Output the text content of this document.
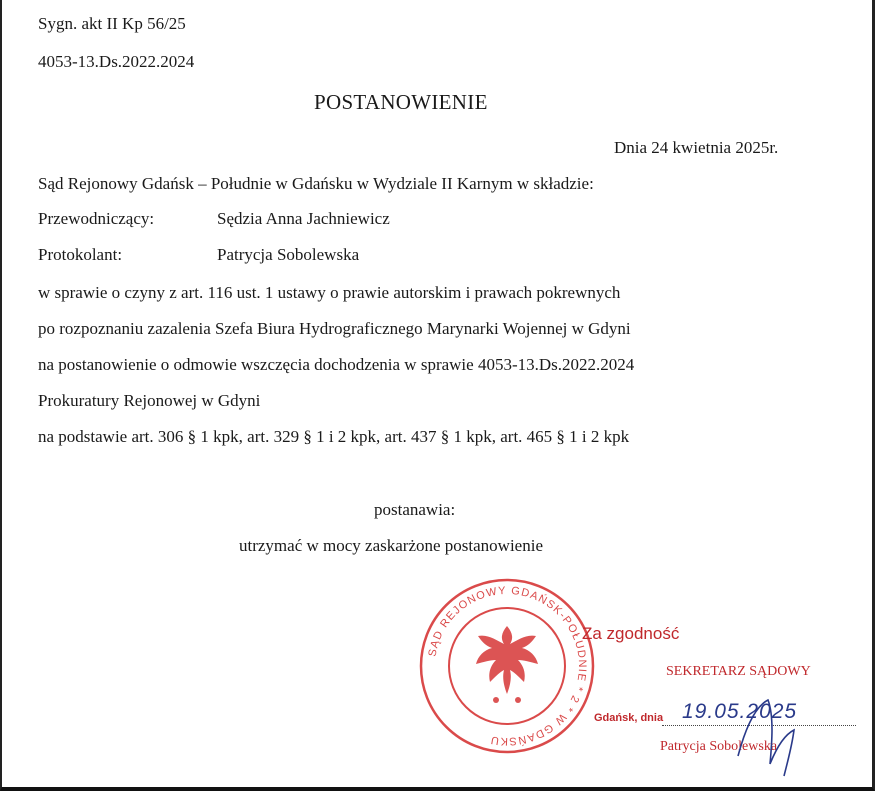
Sygn. akt II Kp 56/25
4053-13.Ds.2022.2024
POSTANOWIENIE
Dnia 24 kwietnia 2025r.
Sąd Rejonowy Gdańsk – Południe w Gdańsku w Wydziale II Karnym w składzie:
Przewodniczący:	Sędzia Anna Jachniewicz
Protokolant:	Patrycja Sobolewska
w sprawie o czyny z art. 116 ust. 1 ustawy o prawie autorskim i prawach pokrewnych
po rozpoznaniu zazalenia Szefa Biura Hydrograficznego Marynarki Wojennej w Gdyni
na postanowienie o odmowie wszczęcia dochodzenia w sprawie 4053-13.Ds.2022.2024
Prokuratury Rejonowej w Gdyni
na podstawie art. 306 § 1 kpk, art. 329 § 1 i 2 kpk, art. 437 § 1 kpk, art. 465 § 1 i 2 kpk
postanawia:
utrzymać w mocy zaskarżone postanowienie
SĄD REJONOWY GDAŃSK-POŁUDNIE * 2 * W GDAŃSKU
Za zgodność
SEKRETARZ SĄDOWY
Gdańsk, dnia 19.05.2025
Patrycja Sobolewska
